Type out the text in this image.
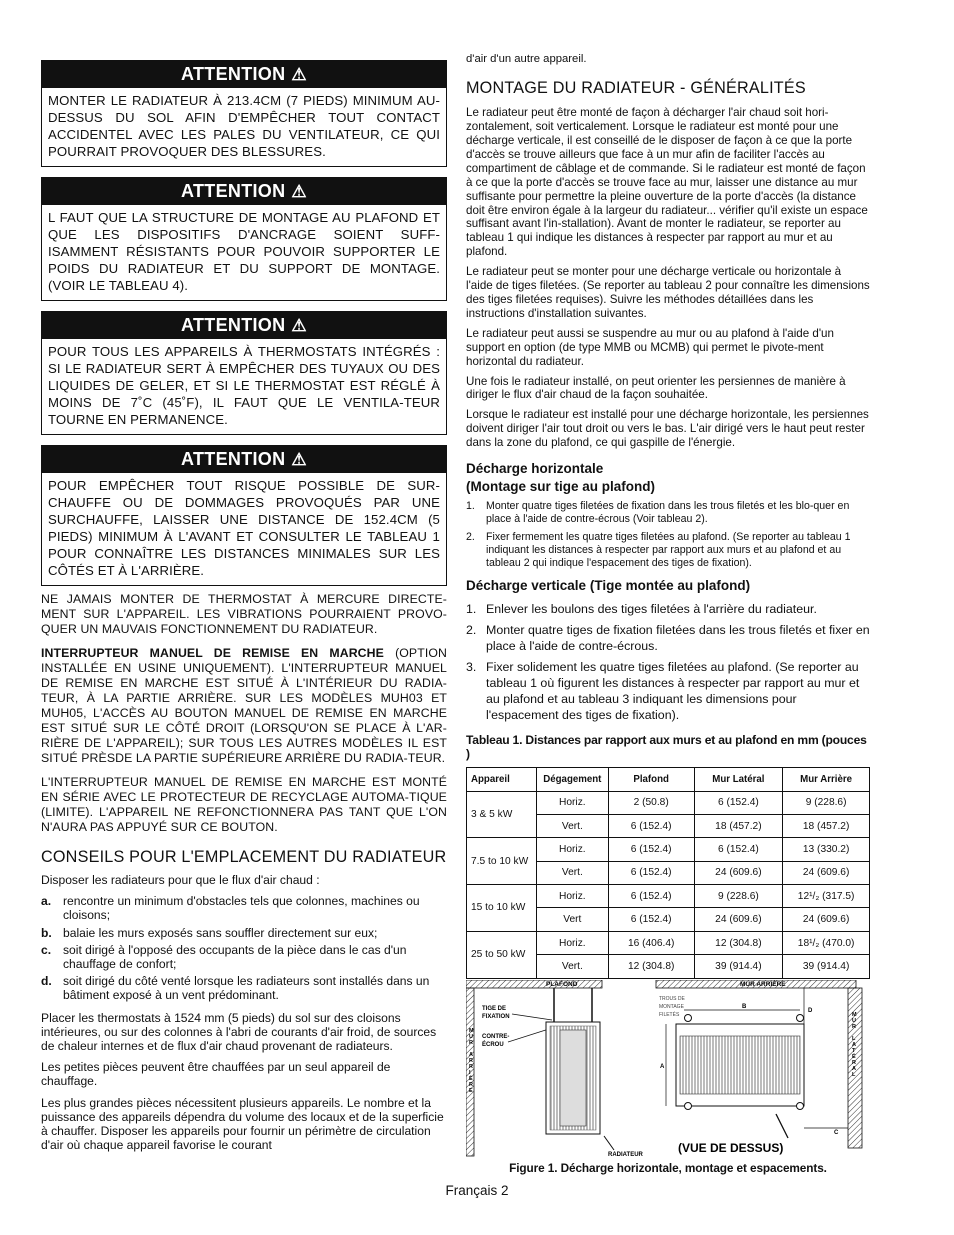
ATTENTION ⚠
MONTER LE RADIATEUR À 213.4CM (7 PIEDS) MINIMUM AU-DESSUS DU SOL AFIN D'EMPÊCHER TOUT CONTACT ACCIDENTEL AVEC LES PALES DU VENTILATEUR, CE QUI POURRAIT PROVOQUER DES BLESSURES.
ATTENTION ⚠
L FAUT QUE LA STRUCTURE DE MONTAGE AU PLAFOND ET QUE LES DISPOSITIFS D'ANCRAGE SOIENT SUFF-ISAMMENT RÉSISTANTS POUR POUVOIR SUPPORTER LE POIDS DU RADIATEUR ET DU SUPPORT DE MONTAGE. (VOIR LE TABLEAU 4).
ATTENTION ⚠
POUR TOUS LES APPAREILS À THERMOSTATS INTÉGRÉS : SI LE RADIATEUR SERT À EMPÊCHER DES TUYAUX OU DES LIQUIDES DE GELER, ET SI LE THERMOSTAT EST RÉGLÉ À MOINS DE 7˚C (45˚F), IL FAUT QUE LE VENTILA-TEUR TOURNE EN PERMANENCE.
ATTENTION ⚠
POUR EMPÊCHER TOUT RISQUE POSSIBLE DE SUR-CHAUFFE OU DE DOMMAGES PROVOQUÉS PAR UNE SURCHAUFFE, LAISSER UNE DISTANCE DE 152.4CM (5 PIEDS) MINIMUM À L'AVANT ET CONSULTER LE TABLEAU 1 POUR CONNAÎTRE LES DISTANCES MINIMALES SUR LES CÔTÉS ET À L'ARRIÈRE.

NE JAMAIS MONTER DE THERMOSTAT À MERCURE DIRECTE-MENT SUR L'APPAREIL. LES VIBRATIONS POURRAIENT PROVO-QUER UN MAUVAIS FONCTIONNEMENT DU RADIATEUR.

INTERRUPTEUR MANUEL DE REMISE EN MARCHE (OPTION INSTALLÉE EN USINE UNIQUEMENT). L'INTERRUPTEUR MANUEL DE REMISE EN MARCHE EST SITUÉ À L'INTÉRIEUR DU RADIA-TEUR, À LA PARTIE ARRIÈRE. SUR LES MODÈLES MUH03 ET MUH05, L'ACCÈS AU BOUTON MANUEL DE REMISE EN MARCHE EST SITUÉ SUR LE CÔTÉ DROIT (LORSQU'ON SE PLACE À L'AR-RIÈRE DE L'APPAREIL); SUR TOUS LES AUTRES MODÈLES IL EST SITUÉ PRÈSDE LA PARTIE SUPÉRIEURE ARRIÈRE DU RADIA-TEUR.

L'INTERRUPTEUR MANUEL DE REMISE EN MARCHE EST MONTÉ EN SÉRIE AVEC LE PROTECTEUR DE RECYCLAGE AUTOMA-TIQUE (LIMITE). L'APPAREIL NE REFONCTIONNERA PAS TANT QUE L'ON N'AURA PAS APPUYÉ SUR CE BOUTON.

CONSEILS POUR L'EMPLACEMENT DU RADIATEUR

Disposer les radiateurs pour que le flux d'air chaud :

a. rencontre un minimum d'obstacles tels que colonnes, machines ou cloisons;
b. balaie les murs exposés sans souffler directement sur eux;
c. soit dirigé à l'opposé des occupants de la pièce dans le cas d'un chauffage de confort;
d. soit dirigé du côté venté lorsque les radiateurs sont installés dans un bâtiment exposé à un vent prédominant.

Placer les thermostats à 1524 mm (5 pieds) du sol sur des cloisons intérieures, ou sur des colonnes à l'abri de courants d'air froid, de sources de chaleur internes et de flux d'air chaud provenant de radiateurs.

Les petites pièces peuvent être chauffées par un seul appareil de chauffage.

Les plus grandes pièces nécessitent plusieurs appareils. Le nombre et la puissance des appareils dépendra du volume des locaux et de la superficie à chauffer. Disposer les appareils pour fournir un périmètre de circulation d'air où chaque appareil favorise le courant

d'air d'un autre appareil.

MONTAGE DU RADIATEUR - GÉNÉRALITÉS

Le radiateur peut être monté de façon à décharger l'air chaud soit hori-zontalement, soit verticalement. Lorsque le radiateur est monté pour une décharge verticale, il est conseillé de le disposer de façon à ce que la porte d'accès se trouve ailleurs que face à un mur afin de faciliter l'accès au compartiment de câblage et de commande. Si le radiateur est monté de façon à ce que la porte d'accès se trouve face au mur, laisser une distance au mur suffisante pour permettre la pleine ouverture de la porte d'accès (la distance doit être environ égale à la largeur du radiateur... vérifier qu'il existe un espace suffisant avant l'in-stallation). Avant de monter le radiateur, se reporter au tableau 1 qui indique les distances à respecter par rapport au mur et au plafond.

Le radiateur peut se monter pour une décharge verticale ou horizontale à l'aide de tiges filetées. (Se reporter au tableau 2 pour connaître les dimensions des tiges filetées requises). Suivre les méthodes détaillées dans les instructions d'installation suivantes.

Le radiateur peut aussi se suspendre au mur ou au plafond à l'aide d'un support en option (de type MMB ou MCMB) qui permet le pivote-ment horizontal du radiateur.

Une fois le radiateur installé, on peut orienter les persiennes de manière à diriger le flux d'air chaud de la façon souhaitée.

Lorsque le radiateur est installé pour une décharge horizontale, les persiennes doivent diriger l'air tout droit ou vers le bas. L'air dirigé vers le haut peut rester dans la zone du plafond, ce qui gaspille de l'énergie.

Décharge horizontale
(Montage sur tige au plafond)
1.	Monter quatre tiges filetées de fixation dans les trous filetés et les blo-quer en place à l'aide de contre-écrous (Voir tableau 2).
2.	Fixer fermement les quatre tiges filetées au plafond. (Se reporter au tableau 1 indiquant les distances à respecter par rapport aux murs et au plafond et au tableau 2 qui indique l'espacement des tiges de fixation).
Décharge verticale (Tige montée au plafond)
1. Enlever les boulons des tiges filetées à l'arrière du radiateur.
2. Monter quatre tiges de fixation filetées dans les trous filetés et fixer en place à l'aide de contre-écrous.
3. Fixer solidement les quatre tiges filetées au plafond. (Se reporter au tableau 1 où figurent les distances à respecter par rapport au mur et au plafond et au tableau 3 indiquant les dimensions pour l'espacement des tiges de fixation).

Tableau 1. Distances par rapport aux murs et au plafond en mm (pouces )

Appareil	Dégagement	Plafond	Mur Latéral	Mur Arrière
3 & 5 kW	Horiz.	2 (50.8)	6 (152.4)	9 (228.6)
	Vert.	6 (152.4)	18 (457.2)	18 (457.2)
7.5 to 10 kW	Horiz.	6 (152.4)	6 (152.4)	13 (330.2)
	Vert.	6 (152.4)	24 (609.6)	24 (609.6)
15 to 10 kW	Horiz.	6 (152.4)	9 (228.6)	12¹/₂ (317.5)
	Vert	6 (152.4)	24 (609.6)	24 (609.6)
25 to 50 kW	Horiz.	16 (406.4)	12 (304.8)	18¹/₂ (470.0)
	Vert.	12 (304.8)	39 (914.4)	39 (914.4)
PLAFOND
TIGE DE
FIXATION
CONTRE-
ÉCROU
M
U
R
A
R
R
I
È
R
E
RADIATEUR
MUR ARRIÈRE
TROUS DE
MONTAGE
FILETÉS	M
U
R
L
A
T
É
R
A
L
B
D
A
C
(VUE DE DESSUS)
Figure 1. Décharge horizontale, montage et espacements.
Français 2
